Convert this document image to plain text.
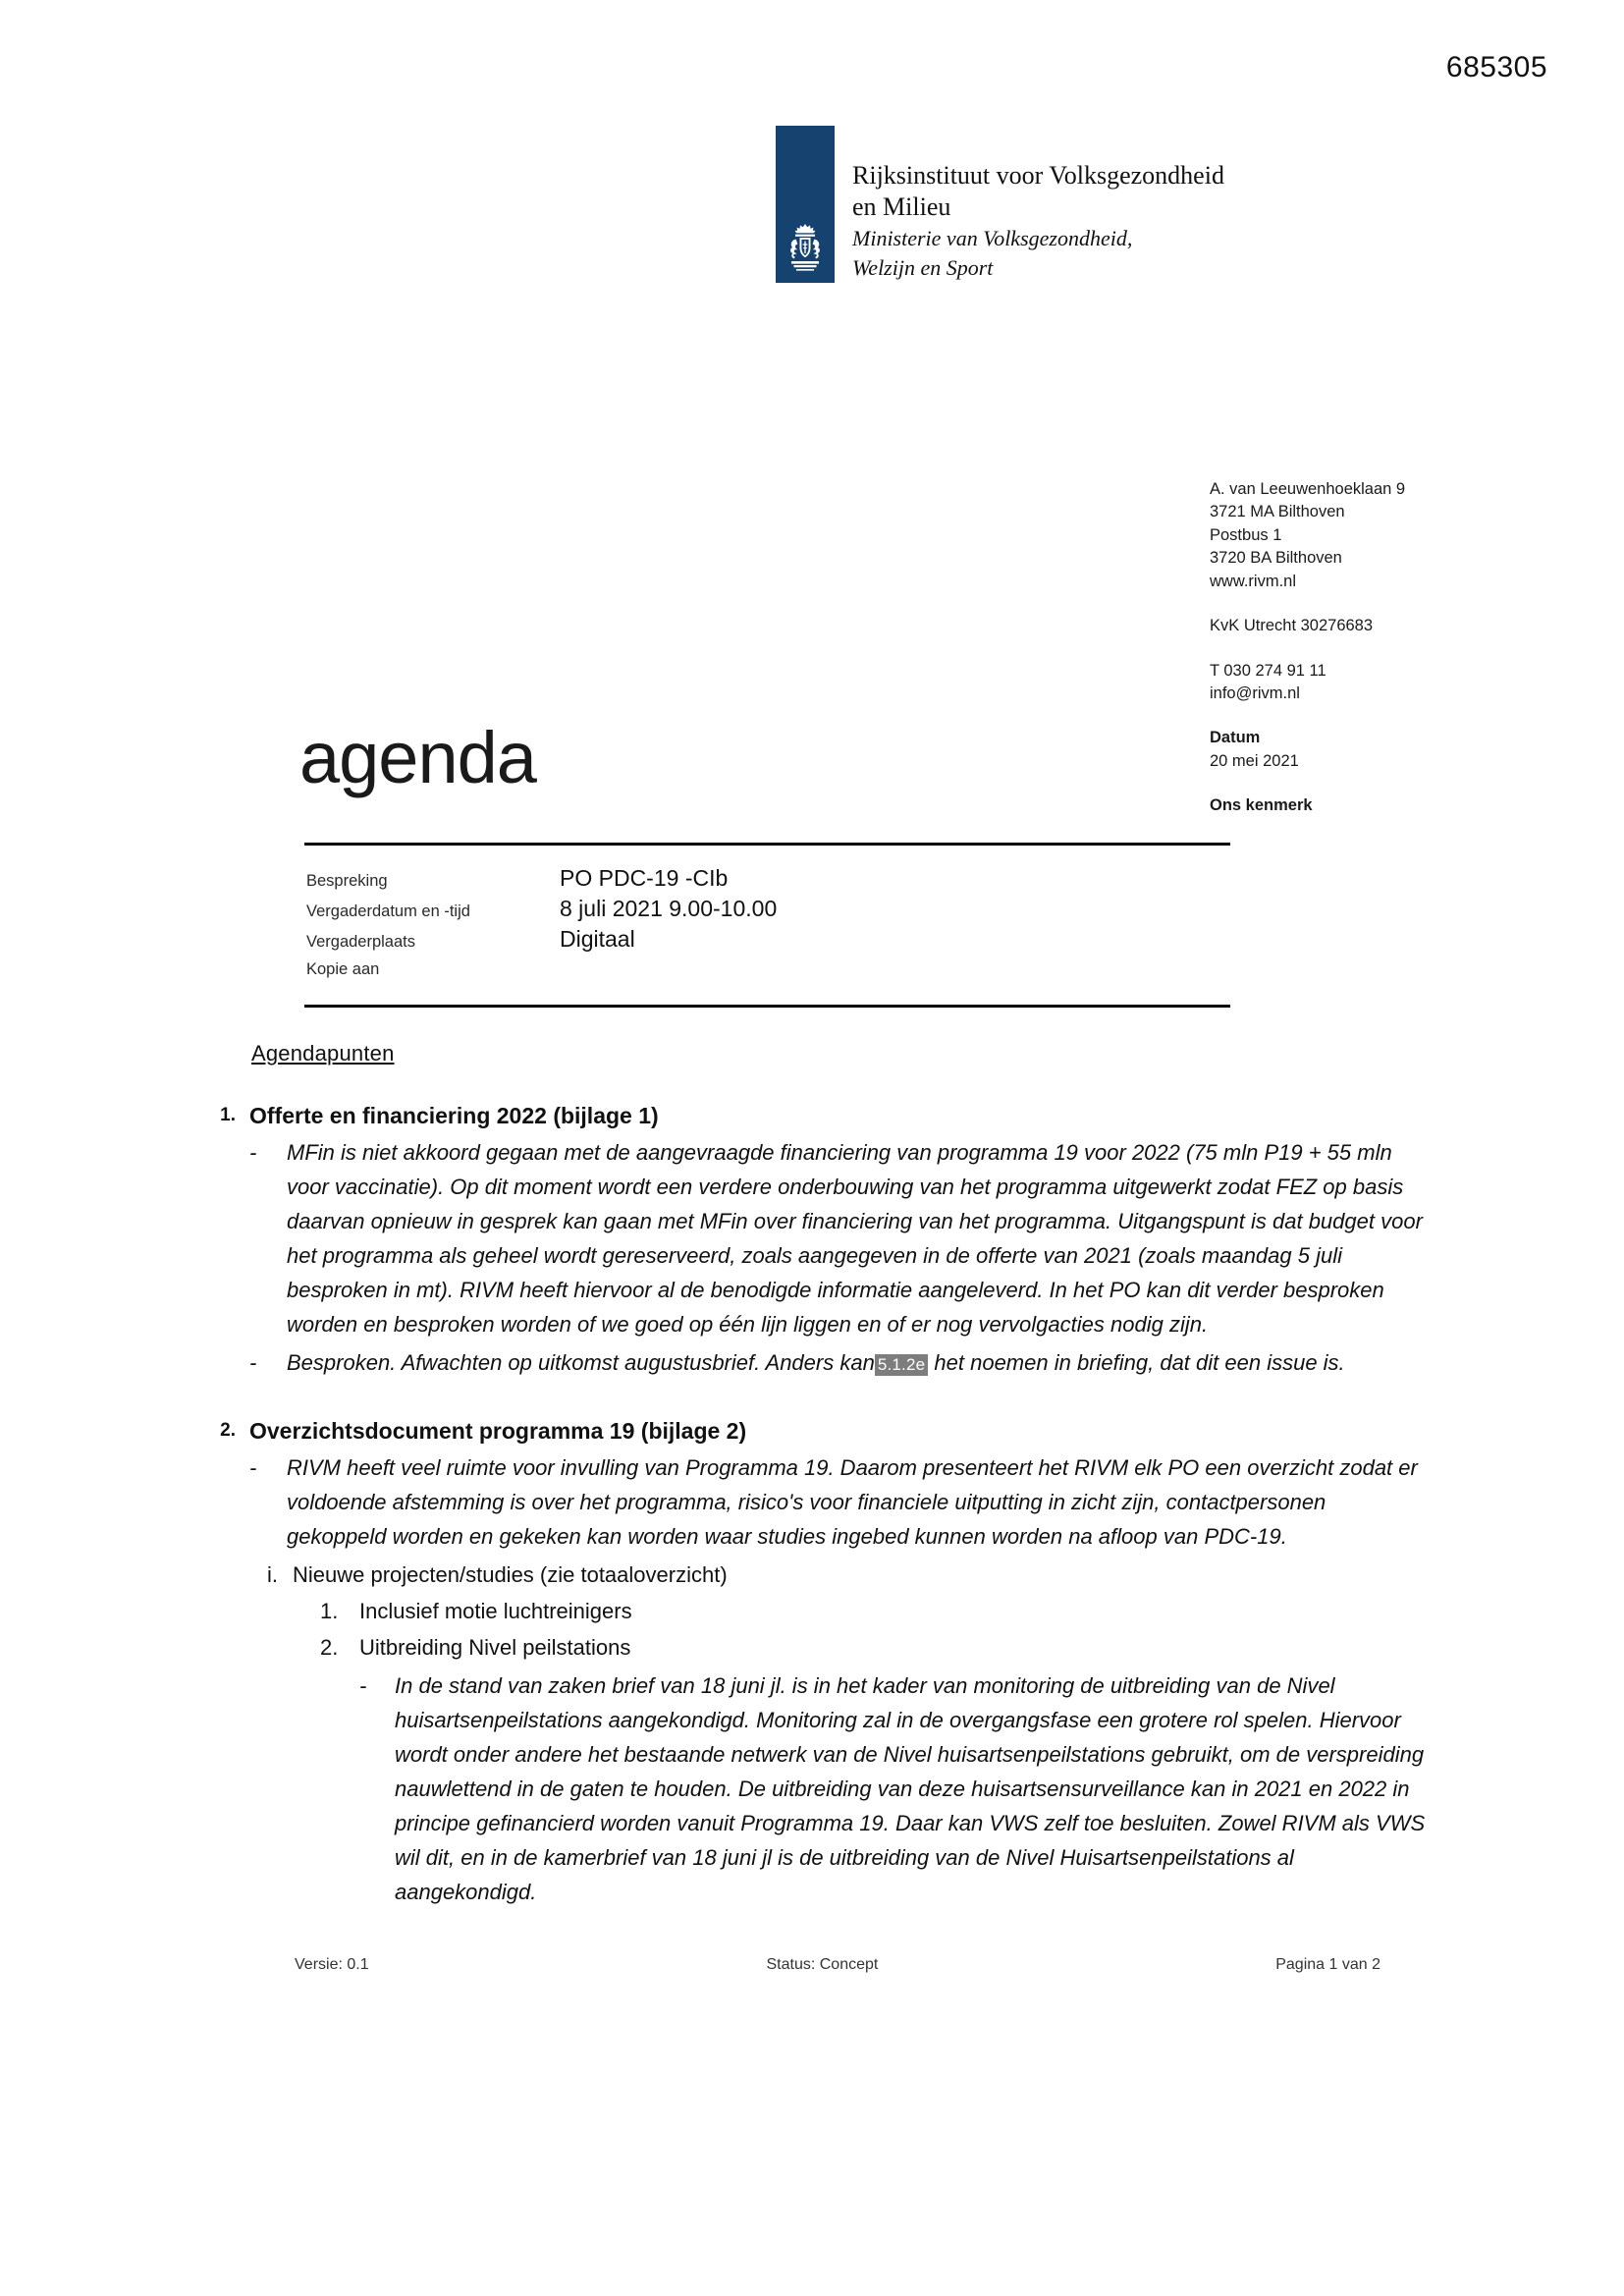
685305
Rijksinstituut voor Volksgezondheid
en Milieu
Ministerie van Volksgezondheid,
Welzijn en Sport
A. van Leeuwenhoeklaan 9
3721 MA Bilthoven
Postbus 1
3720 BA Bilthoven
www.rivm.nl
KvK Utrecht 30276683
T 030 274 91 11
info@rivm.nl
Datum
20 mei 2021
Ons kenmerk
agenda
Bespreking	PO PDC-19 -CIb
Vergaderdatum en -tijd	8 juli 2021 9.00-10.00
Vergaderplaats	Digitaal
Kopie aan
Agendapunten
1. Offerte en financiering 2022 (bijlage 1)
-	MFin is niet akkoord gegaan met de aangevraagde financiering van programma 19 voor 2022 (75 mln P19 + 55 mln voor vaccinatie). Op dit moment wordt een verdere onderbouwing van het programma uitgewerkt zodat FEZ op basis daarvan opnieuw in gesprek kan gaan met MFin over financiering van het programma. Uitgangspunt is dat budget voor het programma als geheel wordt gereserveerd, zoals aangegeven in de offerte van 2021 (zoals maandag 5 juli besproken in mt). RIVM heeft hiervoor al de benodigde informatie aangeleverd. In het PO kan dit verder besproken worden en besproken worden of we goed op één lijn liggen en of er nog vervolgacties nodig zijn.
-	Besproken. Afwachten op uitkomst augustusbrief. Anders kan 5.1.2e het noemen in briefing, dat dit een issue is.
2. Overzichtsdocument programma 19 (bijlage 2)
-	RIVM heeft veel ruimte voor invulling van Programma 19. Daarom presenteert het RIVM elk PO een overzicht zodat er voldoende afstemming is over het programma, risico's voor financiele uitputting in zicht zijn, contactpersonen gekoppeld worden en gekeken kan worden waar studies ingebed kunnen worden na afloop van PDC-19.
i. Nieuwe projecten/studies (zie totaaloverzicht)
1. Inclusief motie luchtreinigers
2. Uitbreiding Nivel peilstations
-	In de stand van zaken brief van 18 juni jl. is in het kader van monitoring de uitbreiding van de Nivel huisartsenpeilstations aangekondigd. Monitoring zal in de overgangsfase een grotere rol spelen. Hiervoor wordt onder andere het bestaande netwerk van de Nivel huisartsenpeilstations gebruikt, om de verspreiding nauwlettend in de gaten te houden. De uitbreiding van deze huisartsensurveillance kan in 2021 en 2022 in principe gefinancierd worden vanuit Programma 19. Daar kan VWS zelf toe besluiten. Zowel RIVM als VWS wil dit, en in de kamerbrief van 18 juni jl is de uitbreiding van de Nivel Huisartsenpeilstations al aangekondigd.
Versie: 0.1	Status: Concept	Pagina 1 van 2
